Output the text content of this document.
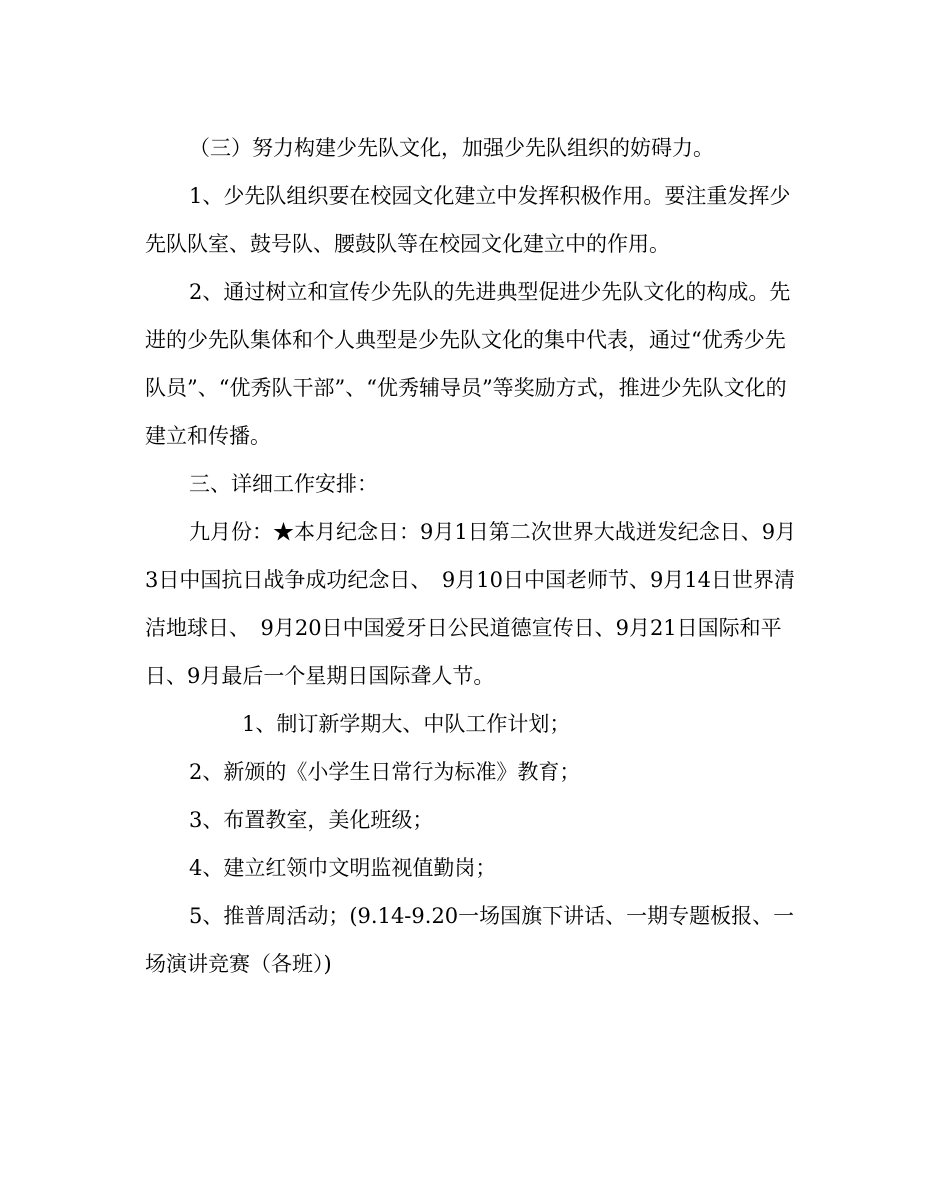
（三）努力构建少先队文化，加强少先队组织的妨碍力。

1、少先队组织要在校园文化建立中发挥积极作用。要注重发挥少先队队室、鼓号队、腰鼓队等在校园文化建立中的作用。

2、通过树立和宣传少先队的先进典型促进少先队文化的构成。先进的少先队集体和个人典型是少先队文化的集中代表，通过“优秀少先队员”、“优秀队干部”、“优秀辅导员”等奖励方式，推进少先队文化的建立和传播。

三、详细工作安排：

九月份：★本月纪念日：9月1日第二次世界大战迸发纪念日、9月3日中国抗日战争成功纪念日、　9月10日中国老师节、9月14日世界清洁地球日、　9月20日中国爱牙日公民道德宣传日、9月21日国际和平日、9月最后一个星期日国际聋人节。

1、制订新学期大、中队工作计划；

2、新颁的《小学生日常行为标准》教育；

3、布置教室，美化班级；

4、建立红领巾文明监视值勤岗；

5、推普周活动；(9.14-9.20一场国旗下讲话、一期专题板报、一场演讲竞赛（各班）)
